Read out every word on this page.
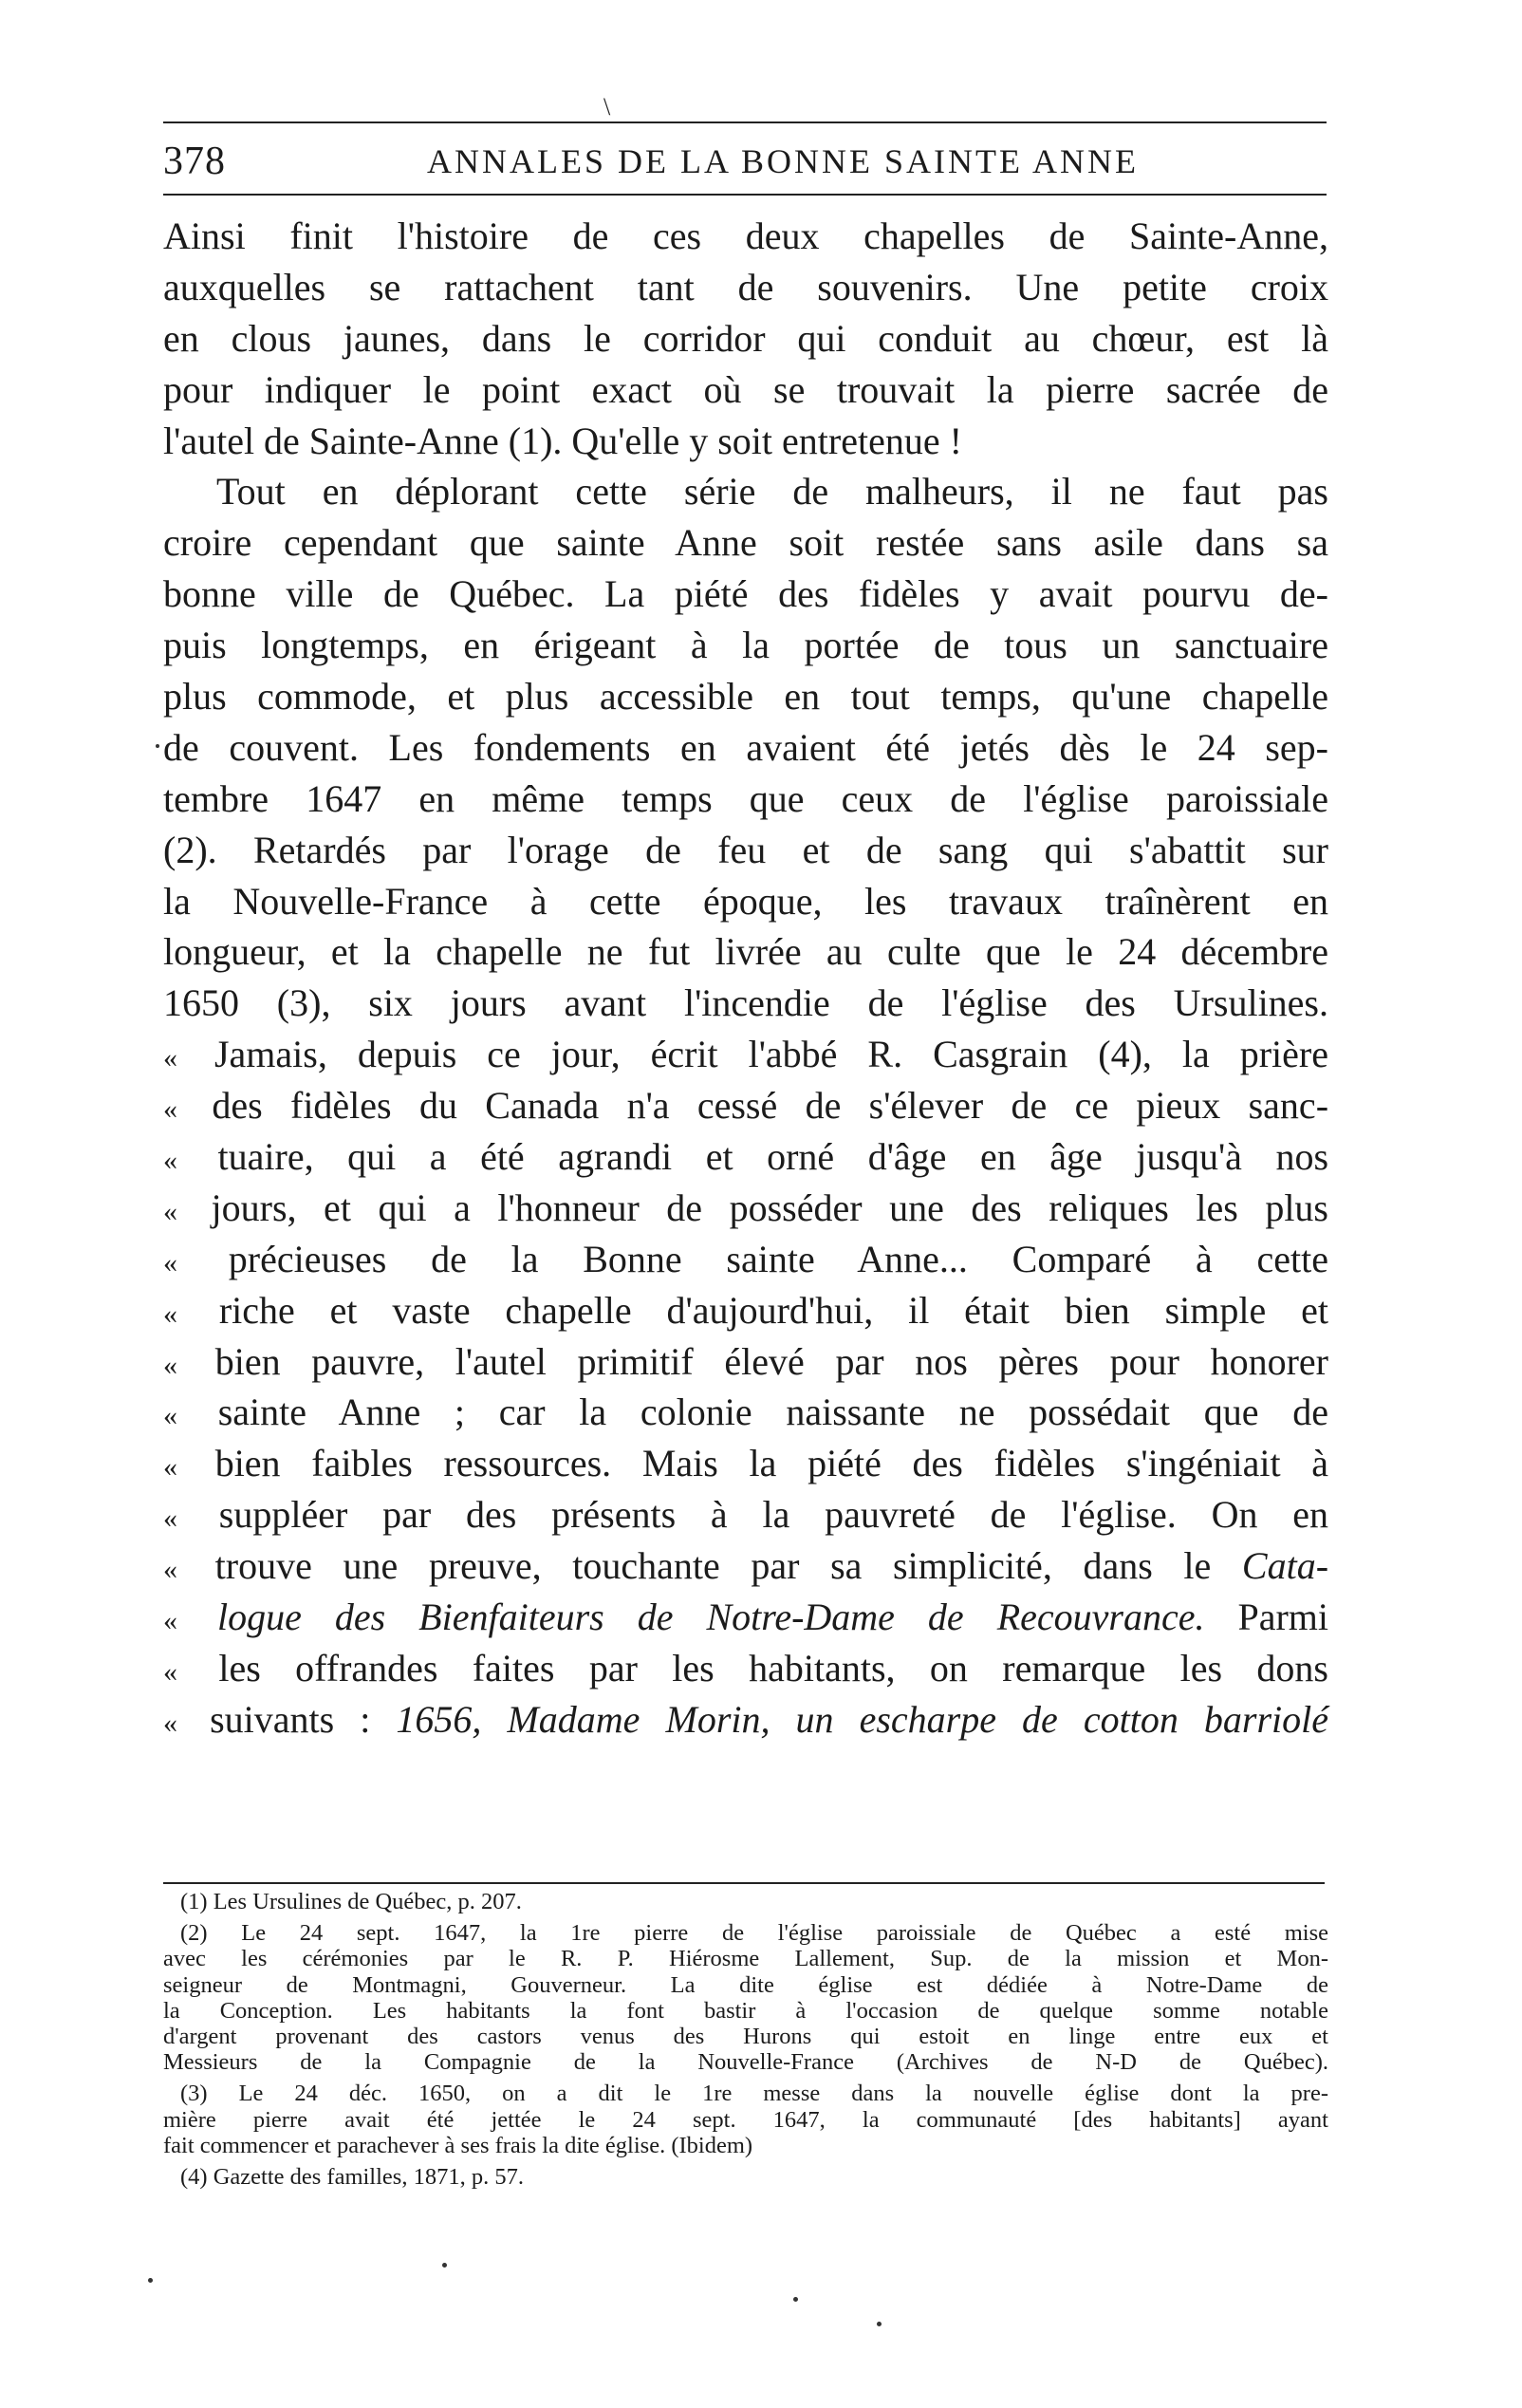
\
378	ANNALES DE LA BONNE SAINTE ANNE
Ainsi finit l'histoire de ces deux chapelles de Sainte-Anne,
auxquelles se rattachent tant de souvenirs. Une petite croix
en clous jaunes, dans le corridor qui conduit au chœur, est là
pour indiquer le point exact où se trouvait la pierre sacrée de
l'autel de Sainte-Anne (1). Qu'elle y soit entretenue !
Tout en déplorant cette série de malheurs, il ne faut pas
croire cependant que sainte Anne soit restée sans asile dans sa
bonne ville de Québec. La piété des fidèles y avait pourvu de-
puis longtemps, en érigeant à la portée de tous un sanctuaire
plus commode, et plus accessible en tout temps, qu'une chapelle
de couvent. Les fondements en avaient été jetés dès le 24 sep-
tembre 1647 en même temps que ceux de l'église paroissiale
(2). Retardés par l'orage de feu et de sang qui s'abattit sur
la Nouvelle-France à cette époque, les travaux traînèrent en
longueur, et la chapelle ne fut livrée au culte que le 24 décembre
1650 (3), six jours avant l'incendie de l'église des Ursulines.
« Jamais, depuis ce jour, écrit l'abbé R. Casgrain (4), la prière
« des fidèles du Canada n'a cessé de s'élever de ce pieux sanc-
« tuaire, qui a été agrandi et orné d'âge en âge jusqu'à nos
« jours, et qui a l'honneur de posséder une des reliques les plus
« précieuses de la Bonne sainte Anne... Comparé à cette
« riche et vaste chapelle d'aujourd'hui, il était bien simple et
« bien pauvre, l'autel primitif élevé par nos pères pour honorer
« sainte Anne ; car la colonie naissante ne possédait que de
« bien faibles ressources. Mais la piété des fidèles s'ingéniait à
« suppléer par des présents à la pauvreté de l'église. On en
« trouve une preuve, touchante par sa simplicité, dans le Cata-
« logue des Bienfaiteurs de Notre-Dame de Recouvrance. Parmi
« les offrandes faites par les habitants, on remarque les dons
« suivants : 1656, Madame Morin, un escharpe de cotton barriolé
(1) Les Ursulines de Québec, p. 207.
(2) Le 24 sept. 1647, la 1re pierre de l'église paroissiale de Québec a esté mise
avec les cérémonies par le R. P. Hiérosme Lallement, Sup. de la mission et Mon-
seigneur de Montmagni, Gouverneur. La dite église est dédiée à Notre-Dame de
la Conception. Les habitants la font bastir à l'occasion de quelque somme notable
d'argent provenant des castors venus des Hurons qui estoit en linge entre eux et
Messieurs de la Compagnie de la Nouvelle-France (Archives de N-D de Québec).
(3) Le 24 déc. 1650, on a dit le 1re messe dans la nouvelle église dont la pre-
mière pierre avait été jettée le 24 sept. 1647, la communauté [des habitants] ayant
fait commencer et parachever à ses frais la dite église. (Ibidem)
(4) Gazette des familles, 1871, p. 57.
